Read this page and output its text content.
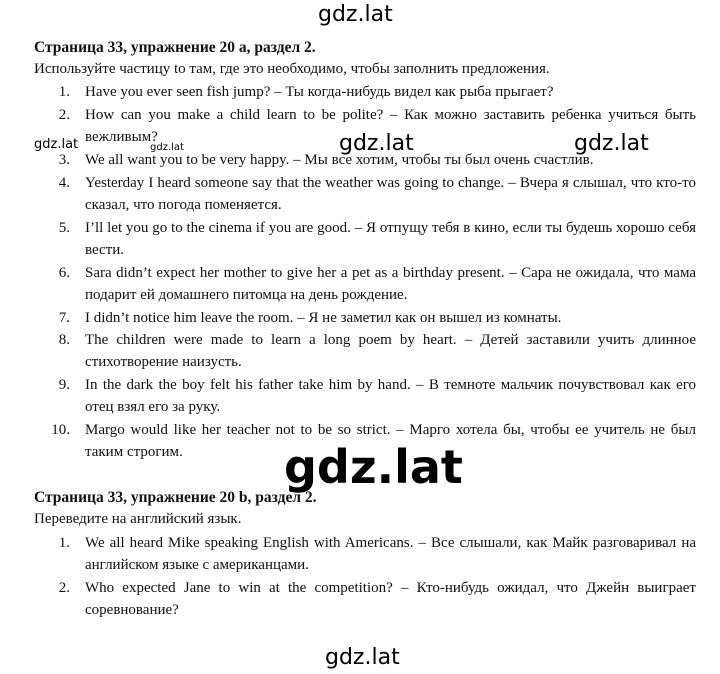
gdz.lat
Страница 33, упражнение 20 a, раздел 2.
Используйте частицу to там, где это необходимо, чтобы заполнить предложения.
1. Have you ever seen fish jump? – Ты когда-нибудь видел как рыба прыгает?
2. How can you make a child learn to be polite? – Как можно заставить ребенка учиться быть вежливым?
3. We all want you to be very happy. – Мы все хотим, чтобы ты был очень счастлив.
4. Yesterday I heard someone say that the weather was going to change. – Вчера я слышал, что кто-то сказал, что погода поменяется.
5. I’ll let you go to the cinema if you are good. – Я отпущу тебя в кино, если ты будешь хорошо себя вести.
6. Sara didn’t expect her mother to give her a pet as a birthday present. – Сара не ожидала, что мама подарит ей домашнего питомца на день рождение.
7. I didn’t notice him leave the room. – Я не заметил как он вышел из комнаты.
8. The children were made to learn a long poem by heart. – Детей заставили учить длинное стихотворение наизусть.
9. In the dark the boy felt his father take him by hand. – В темноте мальчик почувствовал как его отец взял его за руку.
10. Margo would like her teacher not to be so strict. – Марго хотела бы, чтобы ее учитель не был таким строгим.
Страница 33, упражнение 20 b, раздел 2.
Переведите на английский язык.
1. We all heard Mike speaking English with Americans. – Все слышали, как Майк разговаривал на английском языке с американцами.
2. Who expected Jane to win at the competition? – Кто-нибудь ожидал, что Джейн выиграет соревнование?
gdz.lat	gdz.lat	gdz.lat	gdz.lat
gdz.lat
gdz.lat
